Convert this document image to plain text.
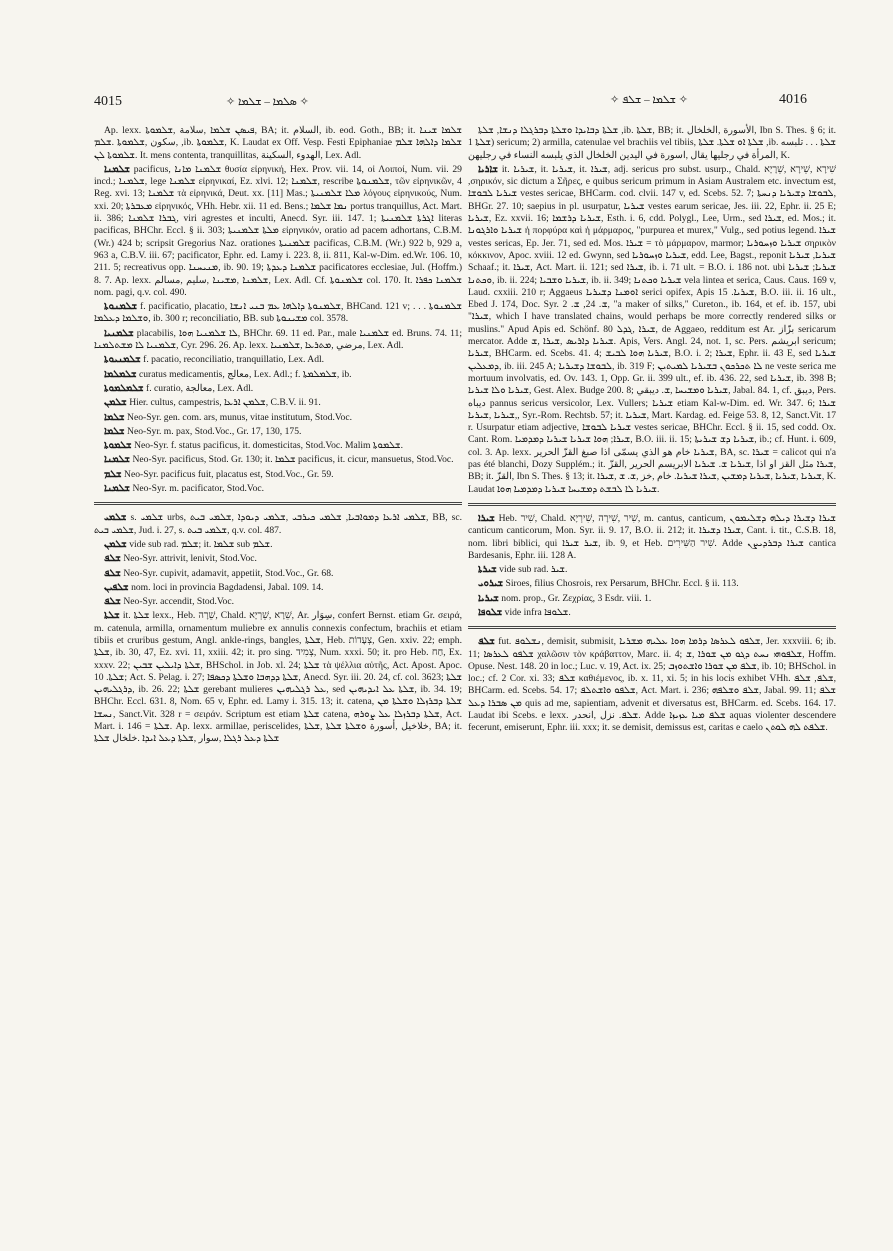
4015	✧ ܣܠܡܐ – ܫܠܡܐ ✧	✧ ܫܠܡܐ – ܫܠܦ ✧	4016

Ap. lexx. ܦܝܣܢ ܫܠܡܐ ,سلامة ,ܫܠܡܘܬܐ, BA; it. السلام, ib. eod. Goth., BB; it. ܫܠܡܐ ܫܝܢܐ ,سكون ,ܫܠܡܘܬܐ .ܫܠܡ ,ib. ܫܠܡܘܬܐ, K. Laudat ex Off. Vesp. Festi Epiphaniae ܫܠܡܐ ܕܐܠܗܐ ܫܠܡ ܫܠܡܘܬܐ ܠܢ. It. mens contenta, tranquillitas, الهدوء ,السكينة, Lex. Adl.

ܫܠܡܢܐ pacificus, ܫܠܡܢܐ ܡܐܢܐ θυσία εἰρηνική, Hex. Prov. vii. 14, οἱ Λοιποί, Num. vii. 29 incd.; ܫܠܡܢܐ, lege ܫܠܡܢܐ εἰρηνικαί, Ez. xlvi. 12; ܫܠܡܢܐ, rescribe ܫܠܡܢܘܬܐ, τῶν εἰρηνικῶν, 4 Reg. xvi. 13; ܫܠܡܢܐ τὰ εἰρηνικά, Deut. xx. [11] Mas.; ܡܠܐ ܫܠܡܢܝܬܐ λόγους εἰρηνικούς, Num. xxi. 20; ܡܥܒܪܬܐ εἰρηνικός, VHh. Hebr. xii. 11 ed. Bens.; ܢܡܐ ܫܠܡܐ portus tranquillus, Act. Mart. ii. 386; ܓܒܪܐ ܫܠܡܢܐ, viri agrestes et inculti, Anecd. Syr. iii. 147. 1; ܐܓܪܬܐ ܫܠܡܢܝܬܐ literas pacificas, BHChr. Eccl. § ii. 303; ܡܠܬܐ ܫܠܡܢܝܬܐ εἰρηνικόν, oratio ad pacem adhortans, C.B.M. (Wr.) 424 b; scripsit Gregorius Naz. orationes ܫܠܡܢܝܬܐ pacificas, C.B.M. (Wr.) 922 b, 929 a, 963 a, C.B.V. iii. 67; pacificator, Ephr. ed. Lamy i. 223. 8, ii. 811, Kal-w-Dim. ed.Wr. 106. 10, 211. 5; recreativus opp. ܡܢܝܚܢܐ, ib. 90. 19; ܫܠܡܢܐ ܕܥܕܬܐ pacificatores ecclesiae, Jul. (Hoffm.) 8. 7. Ap. lexx. ܫܠܡܢܐ ,ܡܫܝܢܐ ,سليم ,مسالم, Lex. Adl. Cf. ܫܠܡܢܘܬܐ col. 170. It. ܫܠܡܢܐ ܟܦܪܐ nom. pagi, q.v. col. 490.

ܫܠܡܢܘܬܐ f. pacificatio, placatio, ܫܠܡܢܘܬܐ ܕܐܠܗܐ ܥܡ ܒܢܝ ܐܢܫܐ, BHCand. 121 v; ܫܠܡܢܘܬܐ . . . ܘܫܠܡܐ ܕܥܠܡܐ, ib. 300 r; reconciliatio, BB. sub ܡܫܝܢܘܬܐ col. 3578.

ܫܠܡܢܝܐ placabilis, ܠܐ ܫܠܡܢܝܐ ܗܘܐ, BHChr. 69. 11 ed. Par., male ܫܠܡܢܝܐ ed. Bruns. 74. 11; ܫܠܡܢܝܐ ܠܐ ܡܫܬܠܡܢܐ, Cyr. 296. 26. Ap. lexx. مرضي ,ܡܬܪܥܐ ,ܫܠܡܢܝܐ, Lex. Adl.

ܫܠܡܢܝܘܬܐ f. pacatio, reconciliatio, tranquillatio, Lex. Adl.

ܫܠܡܠܡܐ curatus medicamentis, معالج, Lex. Adl.; f. ܫܠܡܠܡܬܐ, ib.

ܫܠܡܠܡܘܬܐ f. curatio, معالجة, Lex. Adl.

ܫܠܡܢ Hier. cultus, campestris, ܫܠܡܢ ܐܪܥܐ, C.B.V. ii. 91.

ܫܠܡܐ Neo-Syr. gen. com. ars, munus, vitae institutum, Stod.Voc.

ܫܠܡܐ Neo-Syr. m. pax, Stod.Voc., Gr. 17, 130, 175.

ܫܠܡܘܬܐ Neo-Syr. f. status pacificus, it. domesticitas, Stod.Voc. Malim ܫܠܡܘܬܐ.

ܫܠܡܢܐ Neo-Syr. pacificus, Stod. Gr. 130; it. ܫܠܡܐ pacificus, it. cicur, mansuetus, Stod.Voc.

ܫܠܡ Neo-Syr. pacificus fuit, placatus est, Stod.Voc., Gr. 59.

ܫܠܡܢܐ Neo-Syr. m. pacificator, Stod.Voc.

ܫܠܡܝ s. ܫܠܡܝ urbs, ܫܠܡܝ ܐܪܥܐ ܕܡܘܐܒܝܐ, ܫܠܡܝ ܟܝܪܒܝ ,ܫܠܡܝ ܕܝܘܕܐ ,ܫܠܡܝ ܒܝܬ, BB, sc. ܫܠܡܝ ܒܝܬ, Jud. i. 27, s. ܫܠܡܝ ܒܝܬ, q.v. col. 487.

ܫܠܡܢ vide sub rad. ܫܠܡ; it. ܫܠܡܐ sub ܫܠܡ.

ܫܠܦ Neo-Syr. attrivit, lenivit, Stod.Voc.

ܫܠܦ Neo-Syr. cupivit, adamavit, appetiit, Stod.Voc., Gr. 68.

ܫܠܦܝܢ nom. loci in provincia Bagdadensi, Jabal. 109. 14.

ܫܠܦ Neo-Syr. accendit, Stod.Voc.

ܫܠܬܐ it. ܫܠܬܐ lexx., Heb. שֵׁרָה, Chald. שֵׁרָא ,שֵׁרְיָא, Ar. سِوَار, confert Bernst. etiam Gr. σειρά, m. catenula, armilla, ornamentum muliebre ex annulis connexis confectum, brachiis et etiam tibiis et cruribus gestum, Angl. ankle-rings, bangles, ܫܠܬܐ, Heb. צְעָדוֹת, Gen. xxiv. 22; emph. ܫܠܬܐ, ib. 30, 47, Ez. xvi. 11, xxiii. 42; it. pro sing. צְמִיד, Num. xxxi. 50; it. pro Heb. חַח, Ex. xxxv. 22; ܫܠܬܐ ܕܐܝܠܝܢ ܫܒܝܢ, BHSchol. in Job. xl. 24; ܫܠܬܐ τὰ ψέλλια αὐτῆς, Act. Apost. Apoc. ܫܠܬܐ. 10; Act. S. Pelag. i. 27; ܫܠܬܐ ܕܕܗܒܐ ܘܫܠܬܐ ܕܟܣܦܐ, Anecd. Syr. iii. 20. 24, cf. col. 3623; ܫܠܬܐ ܕܪܓܠܝܗܝܢ, ib. 26. 22; ܫܠܬܐ gerebant mulieres ܥܠ ܪܓܠܝܗܝܢ, sed ܫܠܬܐ ܥܠ ܐܝܕܝܗܝܢ, ib. 34. 19; BHChr. Eccl. 631. 8, Nom. 65 v, Ephr. ed. Lamy i. 315. 13; it. catena, ܫܠܬܐ ܕܒܪܙܠܐ ܘܫܠܬܐ ܡܢ ܢܚܫܐ, Sanct.Vit. 328 r = σειράν. Scriptum est etiam ܫܠܬܐ catena, ܫܠܬܐ ܕܒܪܙܠܐ ܥܠ ܨܘܪܗ, Act. Mart. i. 146 = ܫܠܬܐ. Ap. lexx. armillae, periscelides, خلاخيل ,أسورة ܘܫܠܬܐ ܫܠܬܐ ,ܫܠܬܐ, BA; it. ܫܠܬܐ ܕܥܠ ܪܓܠܐ ,سوار ,ܫܠܬܐ ܕܥܠ ܐܝܕܐ .خلخال ܫܠܬܐ

ܫܠܬܐ ܕܒܐܝܕܐ ܘܫܠܬܐ ܕܒܪܓܠܐ ܕܢܫܐ, ܫܠܬܐ ,ib. ܫܠܬܐ, BB; it. الأسورة ,الخلخال, Ibn S. Thes. § 6; it. ܫܠܬܐ 1) sericum; 2) armilla, catenulae vel brachiis vel tibiis, ܫܠܬܐ ܐܘ ܫܠܬܐ. ܫܠܬܐ ,ib. ܫܠܬܐ . . . تلبسه المرأة في رجليها يقال ,اسورة في اليدين الخلخال الذي يلبسه النساء في رجليهن, K.

ܫܐܪܝܐ it. ܫܝܪܝܐ, it. ܫܝܪܝܐ, it. ܫܝܪܐ, adj. sericus pro subst. usurp., Chald. שִׁירָא ,שֵׁירָא ,שֵׁרָיָא ,σηρικόν, sic dictum a Σῆρες, e quibus sericum primum in Asiam Australem etc. invectum est, ܫܝܪܝܐ ܠܒܘܫܐ vestes sericae, BHCarm. cod. clvii. 147 v, ed. Scebs. 52. 7; ܠܒܘܫܐ ܕܫܝܪܝܐ ܕܢܚܬܐ, BHGr. 27. 10; saepius in pl. usurpatur, ܫܝܪܝܐ vestes earum sericae, Jes. iii. 22, Ephr. ii. 25 E; ܫܝܪܝܐ, Ez. xxvii. 16; ܫܝܪܝܐ ܕܪܫܡܐ, Esth. i. 6, cdd. Polygl., Lee, Urm., sed ܫܝܪܐ, ed. Mos.; it. ܫܝܪܝܐ ܘܐܪܓܘܢܐ ἡ πορφύρα καὶ ἡ μάρμαρος, "purpurea et murex," Vulg., sed potius legend. ܫܝܪܐ vestes sericas, Ep. Jer. 71, sed ed. Mos. ܫܝܪܐ = τὸ μάρμαρον, marmor; ܫܝܪܝܐ ܘܙܚܘܪܝܐ σηρικὸν κόκκινον, Apoc. xviii. 12 ed. Gwynn, sed ܫܝܪܝܐ ܘܙܚܘܪܝܐ, edd. Lee, Bagst., reponit ܫܝܪܝܐ, ܫܝܪܝܐ Schaaf.; it. ܫܝܪܐ, Act. Mart. ii. 121; sed ܫܝܪܐ, ib. i. 71 ult. = B.O. i. 186 not. ubi ܫܝܪܝܐ; ܫܝܪܝܐ ܘܟܬܢܐ, ib. ii. 224; ܫܝܪܝܐ ܘܫܒܝܐ, ib. ii. 349; ܫܝܪܝܐ ܘܟܬܢܐ vela lintea et serica, Caus. Caus. 169 v, Laud. cxxiii. 210 r; Aggaeus ܐܘܡܢܐ ܕܫܝܪܝܐ serici opifex, Apis ܫܝܪܝܐ. 15, B.O. iii. ii. 16 ult., Ebed J. 174, Doc. Syr. ܫ. 24, ܫ. 2, "a maker of silks," Cureton., ib. 164, et ef. ib. 157, ubi "ܫܝܪܐ, which I have translated chains, would perhaps be more correctly rendered silks or muslins." Apud Apis ed. Schönf. 80 ܫܝܪܐ ,ܓܕܠ, de Aggaeo, redditum est Ar. بزّاز sericarum mercator. Adde ܫܝܪܝܐ ܕܐܪܝܣ ,ܫܝܪܐ ,ܫ. Apis, Vers. Angl. 24, not. 1, sc. Pers. ابريشم sericum; ܫܝܪܝܐ, BHCarm. ed. Scebs. 41. 4; ܫܝܪܝܐ ܗܘܐ ܠܒܝܫ, B.O. i. 2; ܫܝܪܐ, Ephr. ii. 43 E, sed ܫܝܪܝܐ ܕܡܥܠܝܢ, ib. iii. 245 A; ܠܒܘܫܐ ܕܫܝܪܝܐ, ib. 319 F; ܠܐ ܬܟܪܟܘܢ ܒܫܝܪܝܐ ܠܡܝܬܝܢ ne veste serica me mortuum involvatis, ed. Ov. 143. 1, Opp. Gr. ii. 399 ult., ef. ib. 436. 22, sed ܫܝܪܝܐ, ib. 398 B; ܫܝܪܝܐ ܘܠܐ ܫܝܪܝܐ, Gest. Alex. Budge 200. 8; ܫܝܪܝܐ ܘܡܫܝܚܐ ,ܫ. ديبقي, Jabal. 84. 1, cf. ديبق, Pers. ديباه pannus sericus versicolor, Lex. Vullers; ܫܝܪܝܐ etiam Kal-w-Dim. ed. Wr. 347. 6; ܫܝܪܐ ,ܫܝܪܝܐ ,ܫܝܪܝܐ, Syr.-Rom. Rechtsb. 57; it. ܫܝܪܝܐ, Mart. Kardag. ed. Feige 53. 8, 12, Sanct.Vit. 17 r. Usurpatur etiam adjective, ܫܝܪܝܐ ܠܒܘܫܐ vestes sericae, BHChr. Eccl. § ii. 15, sed codd. Ox. Cant. Rom. ܫܝܪܐ; ܗܘܐ ܫܝܪܝܐ ܫܝܪܝܐ ܕܡܕܡܝܐ, B.O. iii. ii. 15; ܫܝܪܝܐ ܕܫ ܫܝܪܝܬܐ, ib.; cf. Hunt. i. 609, col. 3. Ap. lexx. ܫܝܪܝܐ خام هو الذي يسمّى اذا صبغ القزّ الحرير, BA, sc. ܫܝܪܐ = calicot qui n'a pas été blanchi, Dozy Supplém.; it. ܫܝܪܐ مثل القز او اذا ,ܫܝܪܝܐ ܫ. ܫܝܪܝܐ الابريسم الحرير ,القزّ, BB; it. القزّ, Ibn S. Thes. § 13; it. ܫܝܪܝܐ ,ܫܝܪܝܐ ,ܫܝܪܝܐ ܕܡܫܝܢ ,ܫܝܪܐ ܫܝܪܝܐ. خام ,خز ,ܫ. ܫ ,ܫܝܪܐ, K. Laudat ܫܝܪܝܐ ܠܐ ܠܒܫܬ ܕܡܫܝܚܐ ܫܝܪܝܐ ܕܡܕܡܝܐ ܗܘܐ.

ܫܝܪܐ Heb. שִׁיר, Chald. שִׁיר ,שִׁירָה ,שִׁירְיָא, m. cantus, canticum, ܫܝܪܐ ܕܫܝܪܐ ܕܝܠܗ ܕܫܠܝܡܘܢ canticum canticorum, Mon. Syr. ii. 9. 17, B.O. ii. 212; it. ܫܝܪܐ ܕܫܝܪܐ, Cant. i. tit., C.S.B. 18, nom. libri biblici, qui ܫܝܪ ܫܝܪܐ, ib. 9, et Heb. שִׁיר הַשִּׁירִים. Adde ܫܝܪܐ ܕܒܪܕܝܨܢ cantica Bardesanis, Ephr. iii. 128 A.

ܫܝܪܬܐ vide sub rad. ܫܝܪ.

ܫܝܪܘܝ Siroes, filius Chosrois, rex Persarum, BHChr. Eccl. § ii. 113.

ܫܝܪܝܐ nom. prop., Gr. Zεχρίας, 3 Esdr. viii. 1.

ܫܠܘܦܐ vide infra ܫܠܘܦܐ.

ܫܠܦ fut. ܢܫܠܘܦ, demisit, submisit, ܫܠܦܘ ܠܥܪܣܐ ܕܪܡܐ ܗܘܐ ܥܠܝܗ ܡܫܪܝܐ, Jer. xxxviii. 6; ib. 11; ܫܠܦܘ ܠܥܪܣܐ χαλῶσιν τὸν κράβαττον, Marc. ii. 4; ܫܠܦܘܗܝ ܢܚܬ ܕܓܘ ܡܢ ܫܘܪܐ ,ܫ, Hoffm. Opuse. Nest. 148. 20 in loc.; Luc. v. 19, Act. ix. 25; ܫܠܦ ܡܢ ܫܘܪܐ ܘܐܫܬܘܙܒ, ib. 10; BHSchol. in loc.; cf. 2 Cor. xi. 33; ܫܠܦ καθιέμενος, ib. x. 11, xi. 5; in his locis exhibet VHh. ܫܠܦ, ܫܠܦ, BHCarm. ed. Scebs. 54. 17; ܫܠܦܘ ܘܐܫܬܠܦ, Act. Mart. i. 236; ܫܠܦ ܘܫܠܦܗ, Jabal. 99. 11; ܫܠܦ ܡܢ ܣܒܪܐ ܕܥܠ quis ad me, sapientiam, advenit et diversatus est, BHCarm. ed. Scebs. 164. 17. Laudat ibi Scebs. e lexx. ܫܠܦ. نزل ,انحدر. Adde ܫܠܦ ܡܝܐ ܥܙܝܙܐ aquas violenter descendere fecerunt, emiserunt, Ephr. iii. xxx; it. se demisit, demissus est, caritas e caelo ܫܠܦܬ ܠܗ ܠܘܬܢ.
